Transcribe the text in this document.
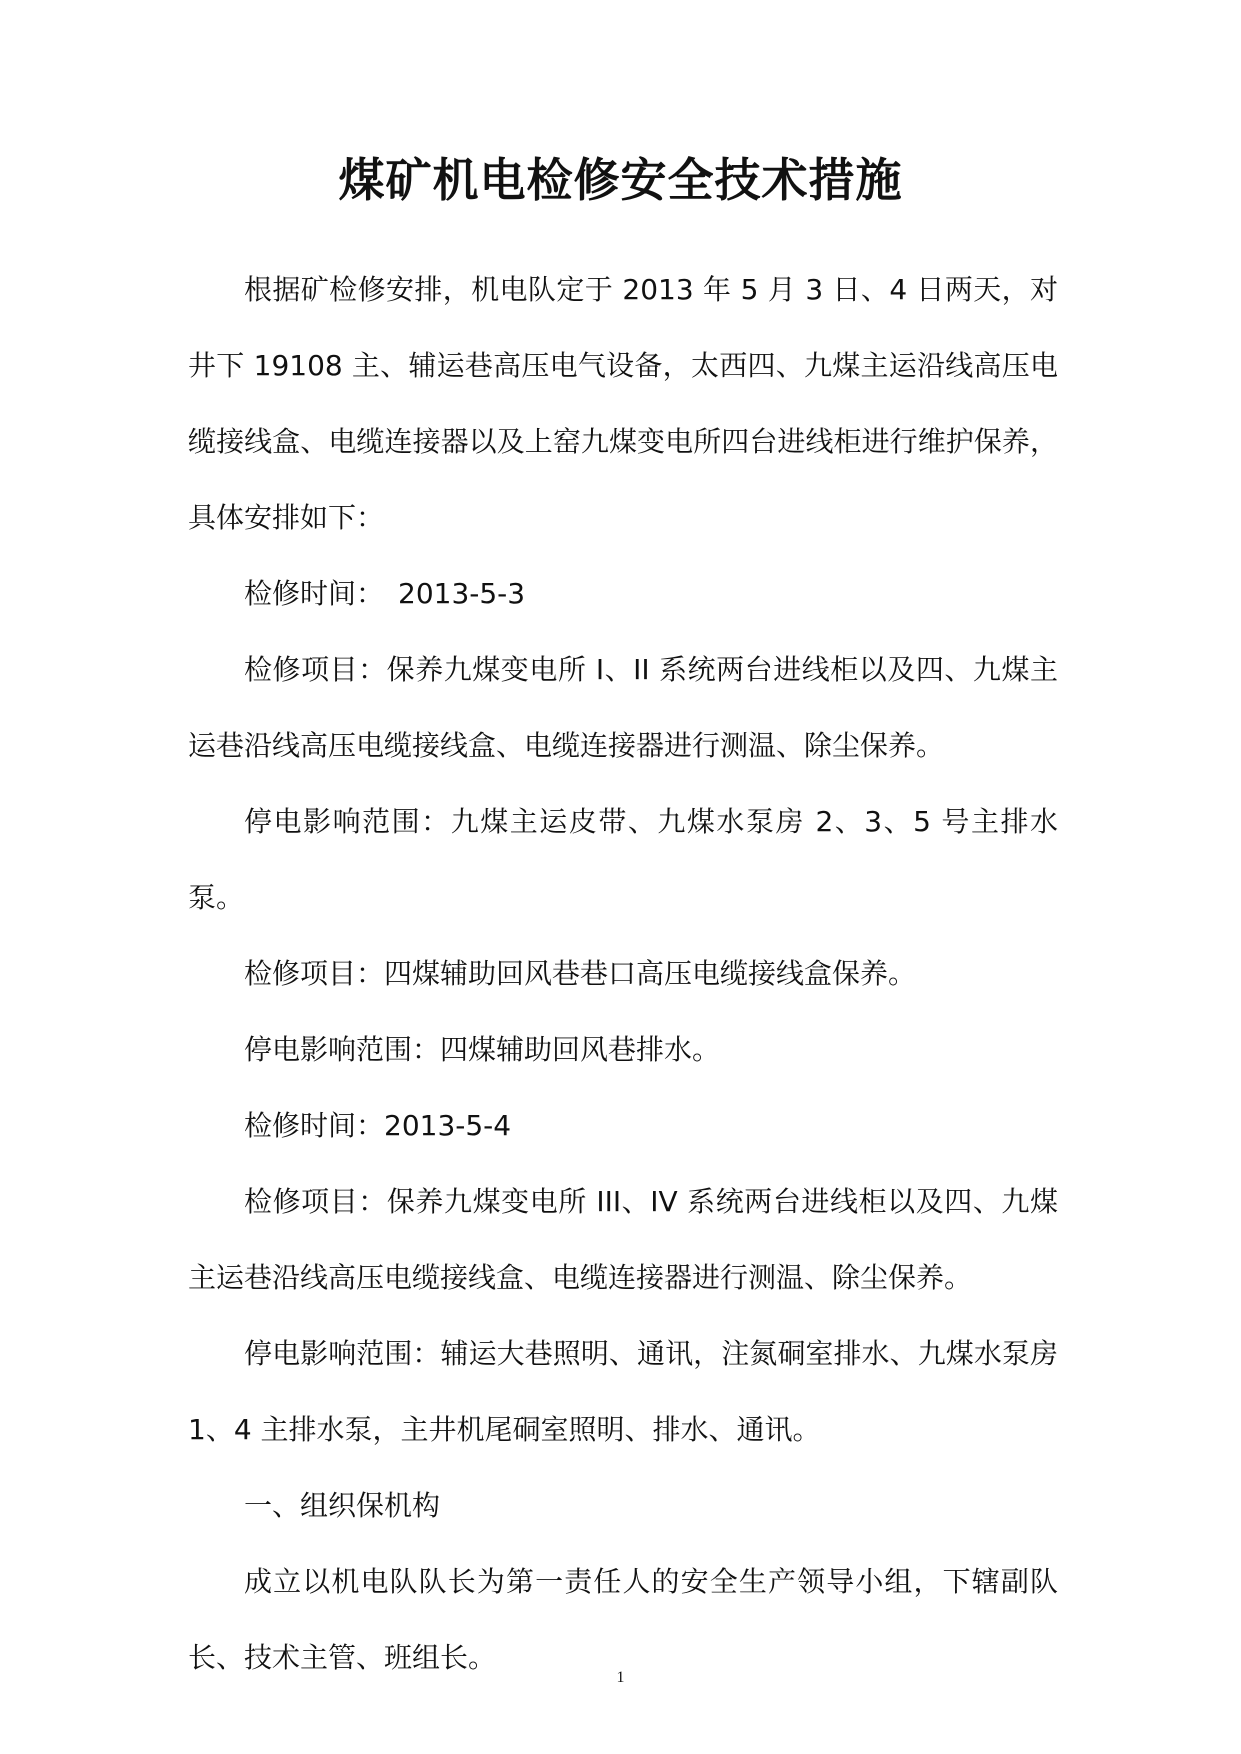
煤矿机电检修安全技术措施

根据矿检修安排，机电队定于 2013 年 5 月 3 日、4 日两天，对井下 19108 主、辅运巷高压电气设备，太西四、九煤主运沿线高压电缆接线盒、电缆连接器以及上窑九煤变电所四台进线柜进行维护保养，具体安排如下：

检修时间：　2013-5-3

检修项目：保养九煤变电所 I、II 系统两台进线柜以及四、九煤主运巷沿线高压电缆接线盒、电缆连接器进行测温、除尘保养。

停电影响范围：九煤主运皮带、九煤水泵房 2、3、5 号主排水泵。

检修项目：四煤辅助回风巷巷口高压电缆接线盒保养。

停电影响范围：四煤辅助回风巷排水。

检修时间：2013-5-4

检修项目：保养九煤变电所 III、IV 系统两台进线柜以及四、九煤主运巷沿线高压电缆接线盒、电缆连接器进行测温、除尘保养。

停电影响范围：辅运大巷照明、通讯，注氮硐室排水、九煤水泵房 1、4 主排水泵，主井机尾硐室照明、排水、通讯。

一、组织保机构

成立以机电队队长为第一责任人的安全生产领导小组，下辖副队长、技术主管、班组长。

1
